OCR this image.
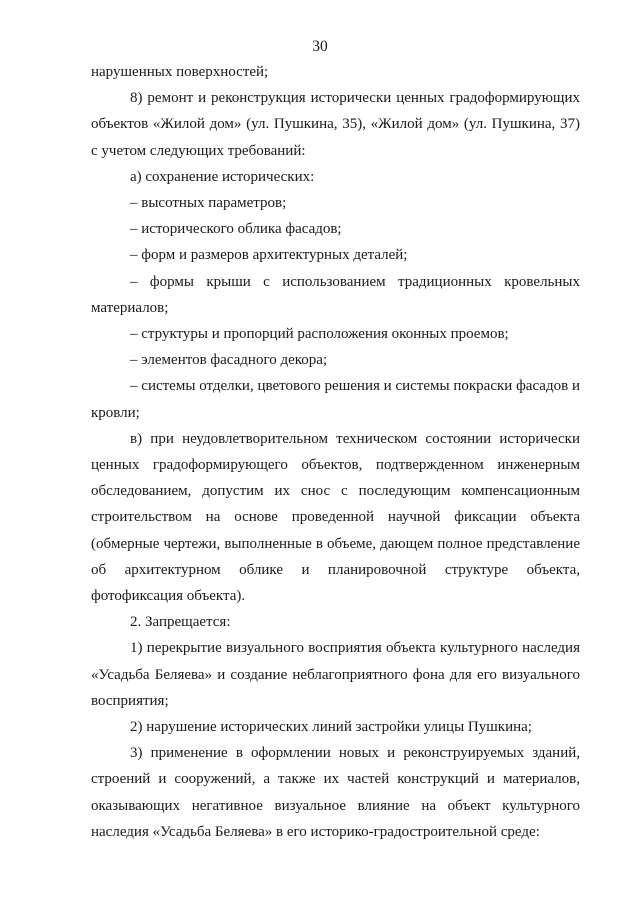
30

нарушенных поверхностей;

8) ремонт и реконструкция исторически ценных градоформирующих объектов «Жилой дом» (ул. Пушкина, 35), «Жилой дом» (ул. Пушкина, 37) с учетом следующих требований:

а) сохранение исторических:

– высотных параметров;

– исторического облика фасадов;

– форм и размеров архитектурных деталей;

– формы крыши с использованием традиционных кровельных материалов;

– структуры и пропорций расположения оконных проемов;

– элементов фасадного декора;

– системы отделки, цветового решения и системы покраски фасадов и кровли;

в) при неудовлетворительном техническом состоянии исторически ценных градоформирующего объектов, подтвержденном инженерным обследованием, допустим их снос с последующим компенсационным строительством на основе проведенной научной фиксации объекта (обмерные чертежи, выполненные в объеме, дающем полное представление об архитектурном облике и планировочной структуре объекта, фотофиксация объекта).

2. Запрещается:

1) перекрытие визуального восприятия объекта культурного наследия «Усадьба Беляева» и создание неблагоприятного фона для его визуального восприятия;

2) нарушение исторических линий застройки улицы Пушкина;

3) применение в оформлении новых и реконструируемых зданий, строений и сооружений, а также их частей конструкций и материалов, оказывающих негативное визуальное влияние на объект культурного наследия «Усадьба Беляева» в его историко-градостроительной среде:
